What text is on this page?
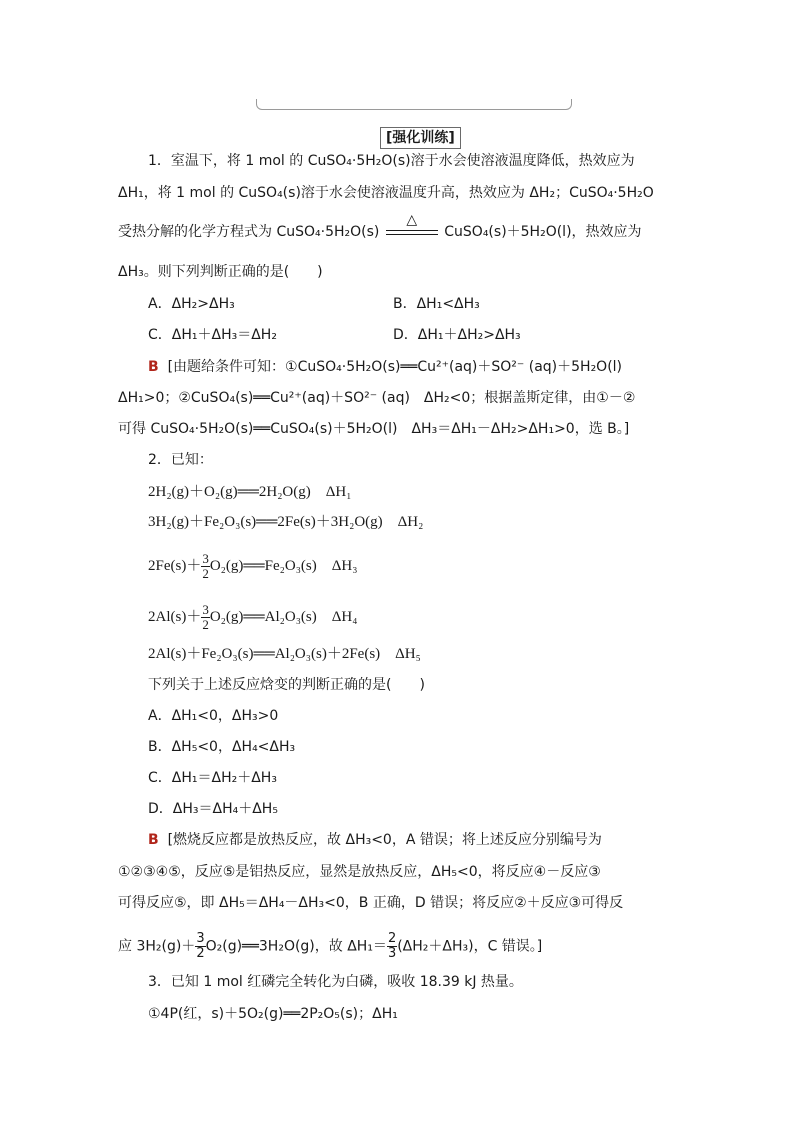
[强化训练]
1．室温下，将 1 mol 的 CuSO₄·5H₂O(s)溶于水会使溶液温度降低，热效应为
ΔH₁，将 1 mol 的 CuSO₄(s)溶于水会使溶液温度升高，热效应为 ΔH₂；CuSO₄·5H₂O
受热分解的化学方程式为 CuSO₄·5H₂O(s)
△
CuSO₄(s)＋5H₂O(l)，热效应为
ΔH₃。则下列判断正确的是(　　)
A．ΔH₂>ΔH₃	B．ΔH₁<ΔH₃
C．ΔH₁＋ΔH₃＝ΔH₂	D．ΔH₁＋ΔH₂>ΔH₃
B [由题给条件可知：①CuSO₄·5H₂O(s)══Cu²⁺(aq)＋SO²⁻ (aq)＋5H₂O(l)
ΔH₁>0；②CuSO₄(s)══Cu²⁺(aq)＋SO²⁻ (aq)　ΔH₂<0；根据盖斯定律，由①－②
可得 CuSO₄·5H₂O(s)══CuSO₄(s)＋5H₂O(l)　ΔH₃＝ΔH₁－ΔH₂>ΔH₁>0，选 B。]
2．已知：
2H₂(g)＋O₂(g)══2H₂O(g)　ΔH₁
3H₂(g)＋Fe₂O₃(s)══2Fe(s)＋3H₂O(g)　ΔH₂
$2Fe(s)+ \frac{3}{2}$ O₂(g)══Fe₂O₃(s)　ΔH₃
$2Al(s)+ \frac{3}{2}$ O₂(g)══Al₂O₃(s)　ΔH₄
2Al(s)＋Fe₂O₃(s)══Al₂O₃(s)＋2Fe(s)　ΔH₅
下列关于上述反应焓变的判断正确的是(　　)
A．ΔH₁<0，ΔH₃>0
B．ΔH₅<0，ΔH₄<ΔH₃
C．ΔH₁＝ΔH₂＋ΔH₃
D．ΔH₃＝ΔH₄＋ΔH₅
B [燃烧反应都是放热反应，故 ΔH₃<0，A 错误；将上述反应分别编号为
①②③④⑤，反应⑤是铝热反应，显然是放热反应，ΔH₅<0，将反应④－反应③
可得反应⑤，即 ΔH₅＝ΔH₄－ΔH₃<0，B 正确，D 错误；将反应②＋反应③可得反
应 $3H_2(g)+ \frac{3}{2}$ O₂(g)══3H₂O(g)，故 $\Delta H_1= \frac{2}{3} (\Delta H_2+\Delta H_3)$，C 错误。]
3．已知 1 mol 红磷完全转化为白磷，吸收 18.39 kJ 热量。
①4P(红，s)＋5O₂(g)══2P₂O₅(s)；ΔH₁
